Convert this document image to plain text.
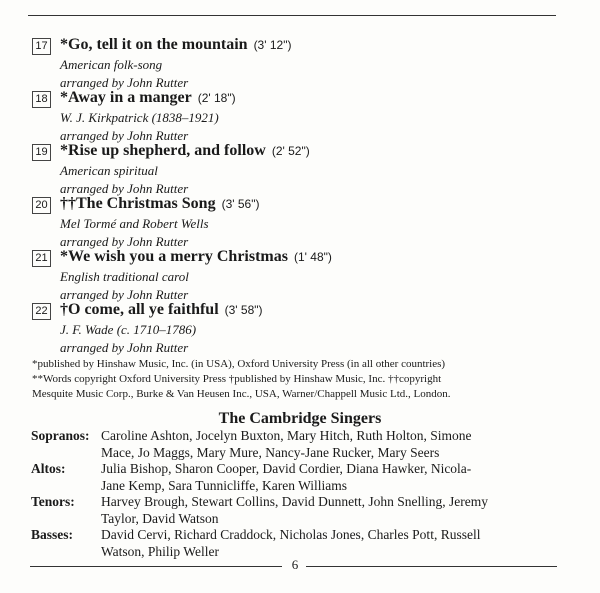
17 *Go, tell it on the mountain (3' 12")
American folk-song
arranged by John Rutter
18 *Away in a manger (2' 18")
W. J. Kirkpatrick (1838–1921)
arranged by John Rutter
19 *Rise up shepherd, and follow (2' 52")
American spiritual
arranged by John Rutter
20 ††The Christmas Song (3' 56")
Mel Tormé and Robert Wells
arranged by John Rutter
21 *We wish you a merry Christmas (1' 48")
English traditional carol
arranged by John Rutter
22 †O come, all ye faithful (3' 58")
J. F. Wade (c. 1710–1786)
arranged by John Rutter
*published by Hinshaw Music, Inc. (in USA), Oxford University Press (in all other countries)
**Words copyright Oxford University Press †published by Hinshaw Music, Inc. ††copyright
Mesquite Music Corp., Burke & Van Heusen Inc., USA, Warner/Chappell Music Ltd., London.
The Cambridge Singers
Sopranos: Caroline Ashton, Jocelyn Buxton, Mary Hitch, Ruth Holton, Simone
Mace, Jo Maggs, Mary Mure, Nancy-Jane Rucker, Mary Seers
Altos:	Julia Bishop, Sharon Cooper, David Cordier, Diana Hawker, Nicola-
Jane Kemp, Sara Tunnicliffe, Karen Williams
Tenors:	Harvey Brough, Stewart Collins, David Dunnett, John Snelling, Jeremy
Taylor, David Watson
Basses:	David Cervi, Richard Craddock, Nicholas Jones, Charles Pott, Russell
Watson, Philip Weller
6
